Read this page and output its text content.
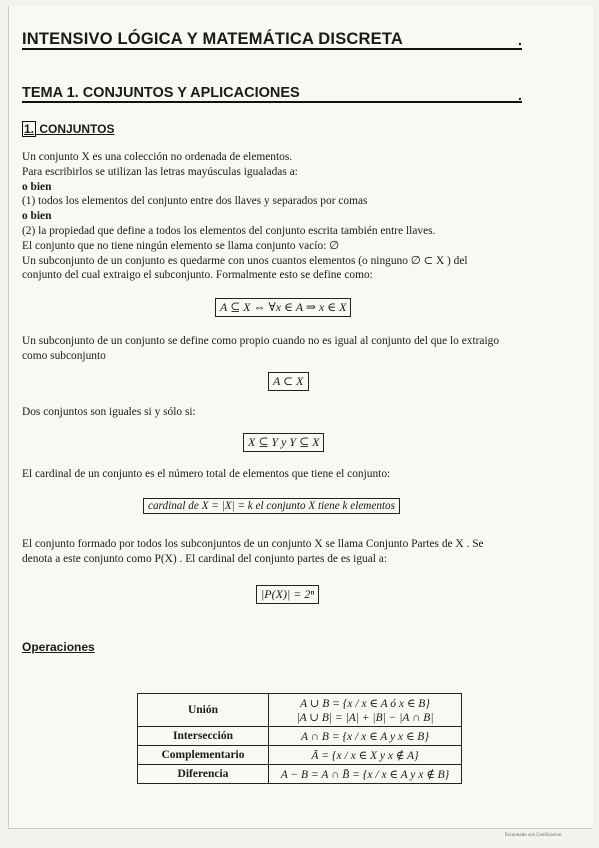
INTENSIVO LÓGICA Y MATEMÁTICA DISCRETA	.
TEMA 1. CONJUNTOS Y APLICACIONES	.
1. CONJUNTOS
Un conjunto X es una colección no ordenada de elementos.
Para escribirlos se utilizan las letras mayúsculas igualadas a:
o bien
(1) todos los elementos del conjunto entre dos llaves y separados por comas
o bien
(2) la propiedad que define a todos los elementos del conjunto escrita también entre llaves.
El conjunto que no tiene ningún elemento se llama conjunto vacío: ∅
Un subconjunto de un conjunto es quedarme con unos cuantos elementos (o ninguno ∅ ⊂ X ) del
conjunto del cual extraigo el subconjunto. Formalmente esto se define como:
A ⊆ X ⇔ ∀x ∈ A ⇒ x ∈ X
Un subconjunto de un conjunto se define como propio cuando no es igual al conjunto del que lo extraigo
como subconjunto
A ⊂ X
Dos conjuntos son iguales si y sólo si:
X ⊆ Y y Y ⊆ X
El cardinal de un conjunto es el número total de elementos que tiene el conjunto:
cardinal de X = |X| = k el conjunto X tiene k elementos
El conjunto formado por todos los subconjuntos de un conjunto X se llama Conjunto Partes de X . Se
denota a este conjunto como P(X) . El cardinal del conjunto partes de es igual a:
|P(X)| = 2ⁿ
Operaciones
Unión	A ∪ B = {x / x ∈ A ó x ∈ B}
|A ∪ B| = |A| + |B| − |A ∩ B|

Intersección	A ∩ B = {x / x ∈ A y x ∈ B}
Complementario	Ā = {x / x ∈ X y x ∉ A}
Diferencia	A − B = A ∩ B̄ = {x / x ∈ A y x ∉ B}
Escaneado con CamScanner
